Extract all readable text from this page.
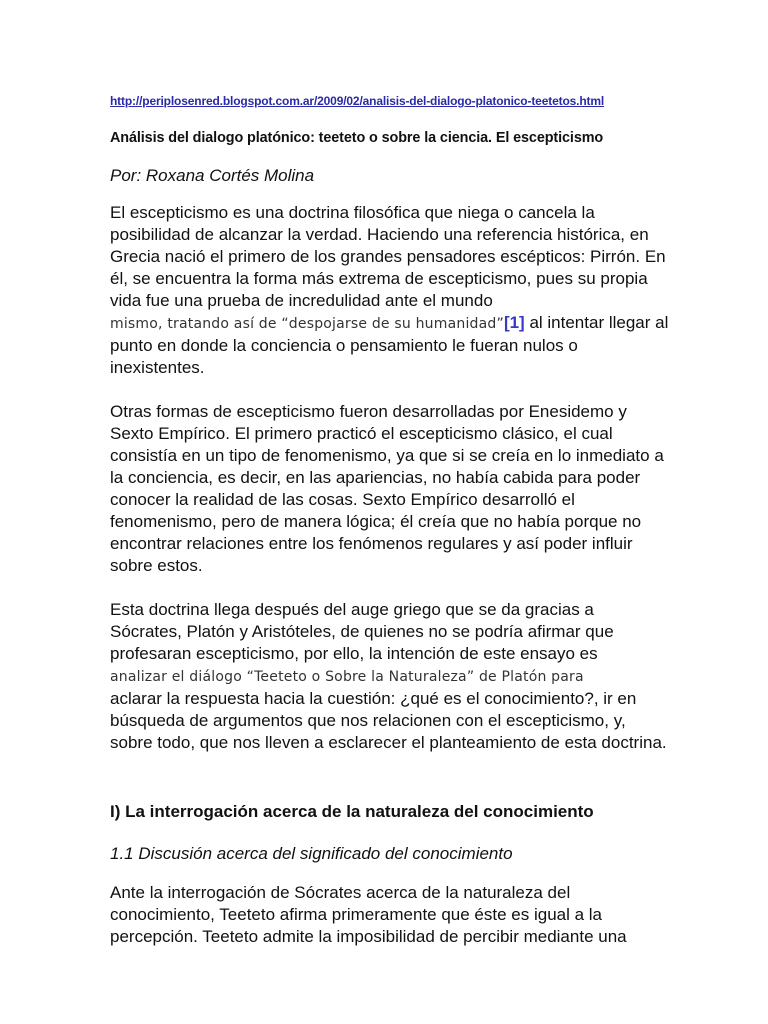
http://periplosenred.blogspot.com.ar/2009/02/analisis-del-dialogo-platonico-teetetos.html
Análisis del dialogo platónico: teeteto o sobre la ciencia. El escepticismo
Por: Roxana Cortés Molina

El escepticismo es una doctrina filosófica que niega o cancela la posibilidad de alcanzar la verdad. Haciendo una referencia histórica, en Grecia nació el primero de los grandes pensadores escépticos: Pirrón. En él, se encuentra la forma más extrema de escepticismo, pues su propia vida fue una prueba de incredulidad ante el mundo
mismo, tratando así de “despojarse de su humanidad”[1] al intentar llegar al punto en donde la conciencia o pensamiento le fueran nulos o inexistentes.

Otras formas de escepticismo fueron desarrolladas por Enesidemo y Sexto Empírico. El primero practicó el escepticismo clásico, el cual consistía en un tipo de fenomenismo, ya que si se creía en lo inmediato a la conciencia, es decir, en las apariencias, no había cabida para poder conocer la realidad de las cosas. Sexto Empírico desarrolló el fenomenismo, pero de manera lógica; él creía que no había porque no encontrar relaciones entre los fenómenos regulares y así poder influir sobre estos.

Esta doctrina llega después del auge griego que se da gracias a Sócrates, Platón y Aristóteles, de quienes no se podría afirmar que profesaran escepticismo, por ello, la intención de este ensayo es
analizar el diálogo “Teeteto o Sobre la Naturaleza” de Platón para
aclarar la respuesta hacia la cuestión: ¿qué es el conocimiento?, ir en búsqueda de argumentos que nos relacionen con el escepticismo, y, sobre todo, que nos lleven a esclarecer el planteamiento de esta doctrina.

I) La interrogación acerca de la naturaleza del conocimiento
1.1 Discusión acerca del significado del conocimiento

Ante la interrogación de Sócrates acerca de la naturaleza del conocimiento, Teeteto afirma primeramente que éste es igual a la percepción. Teeteto admite la imposibilidad de percibir mediante una
